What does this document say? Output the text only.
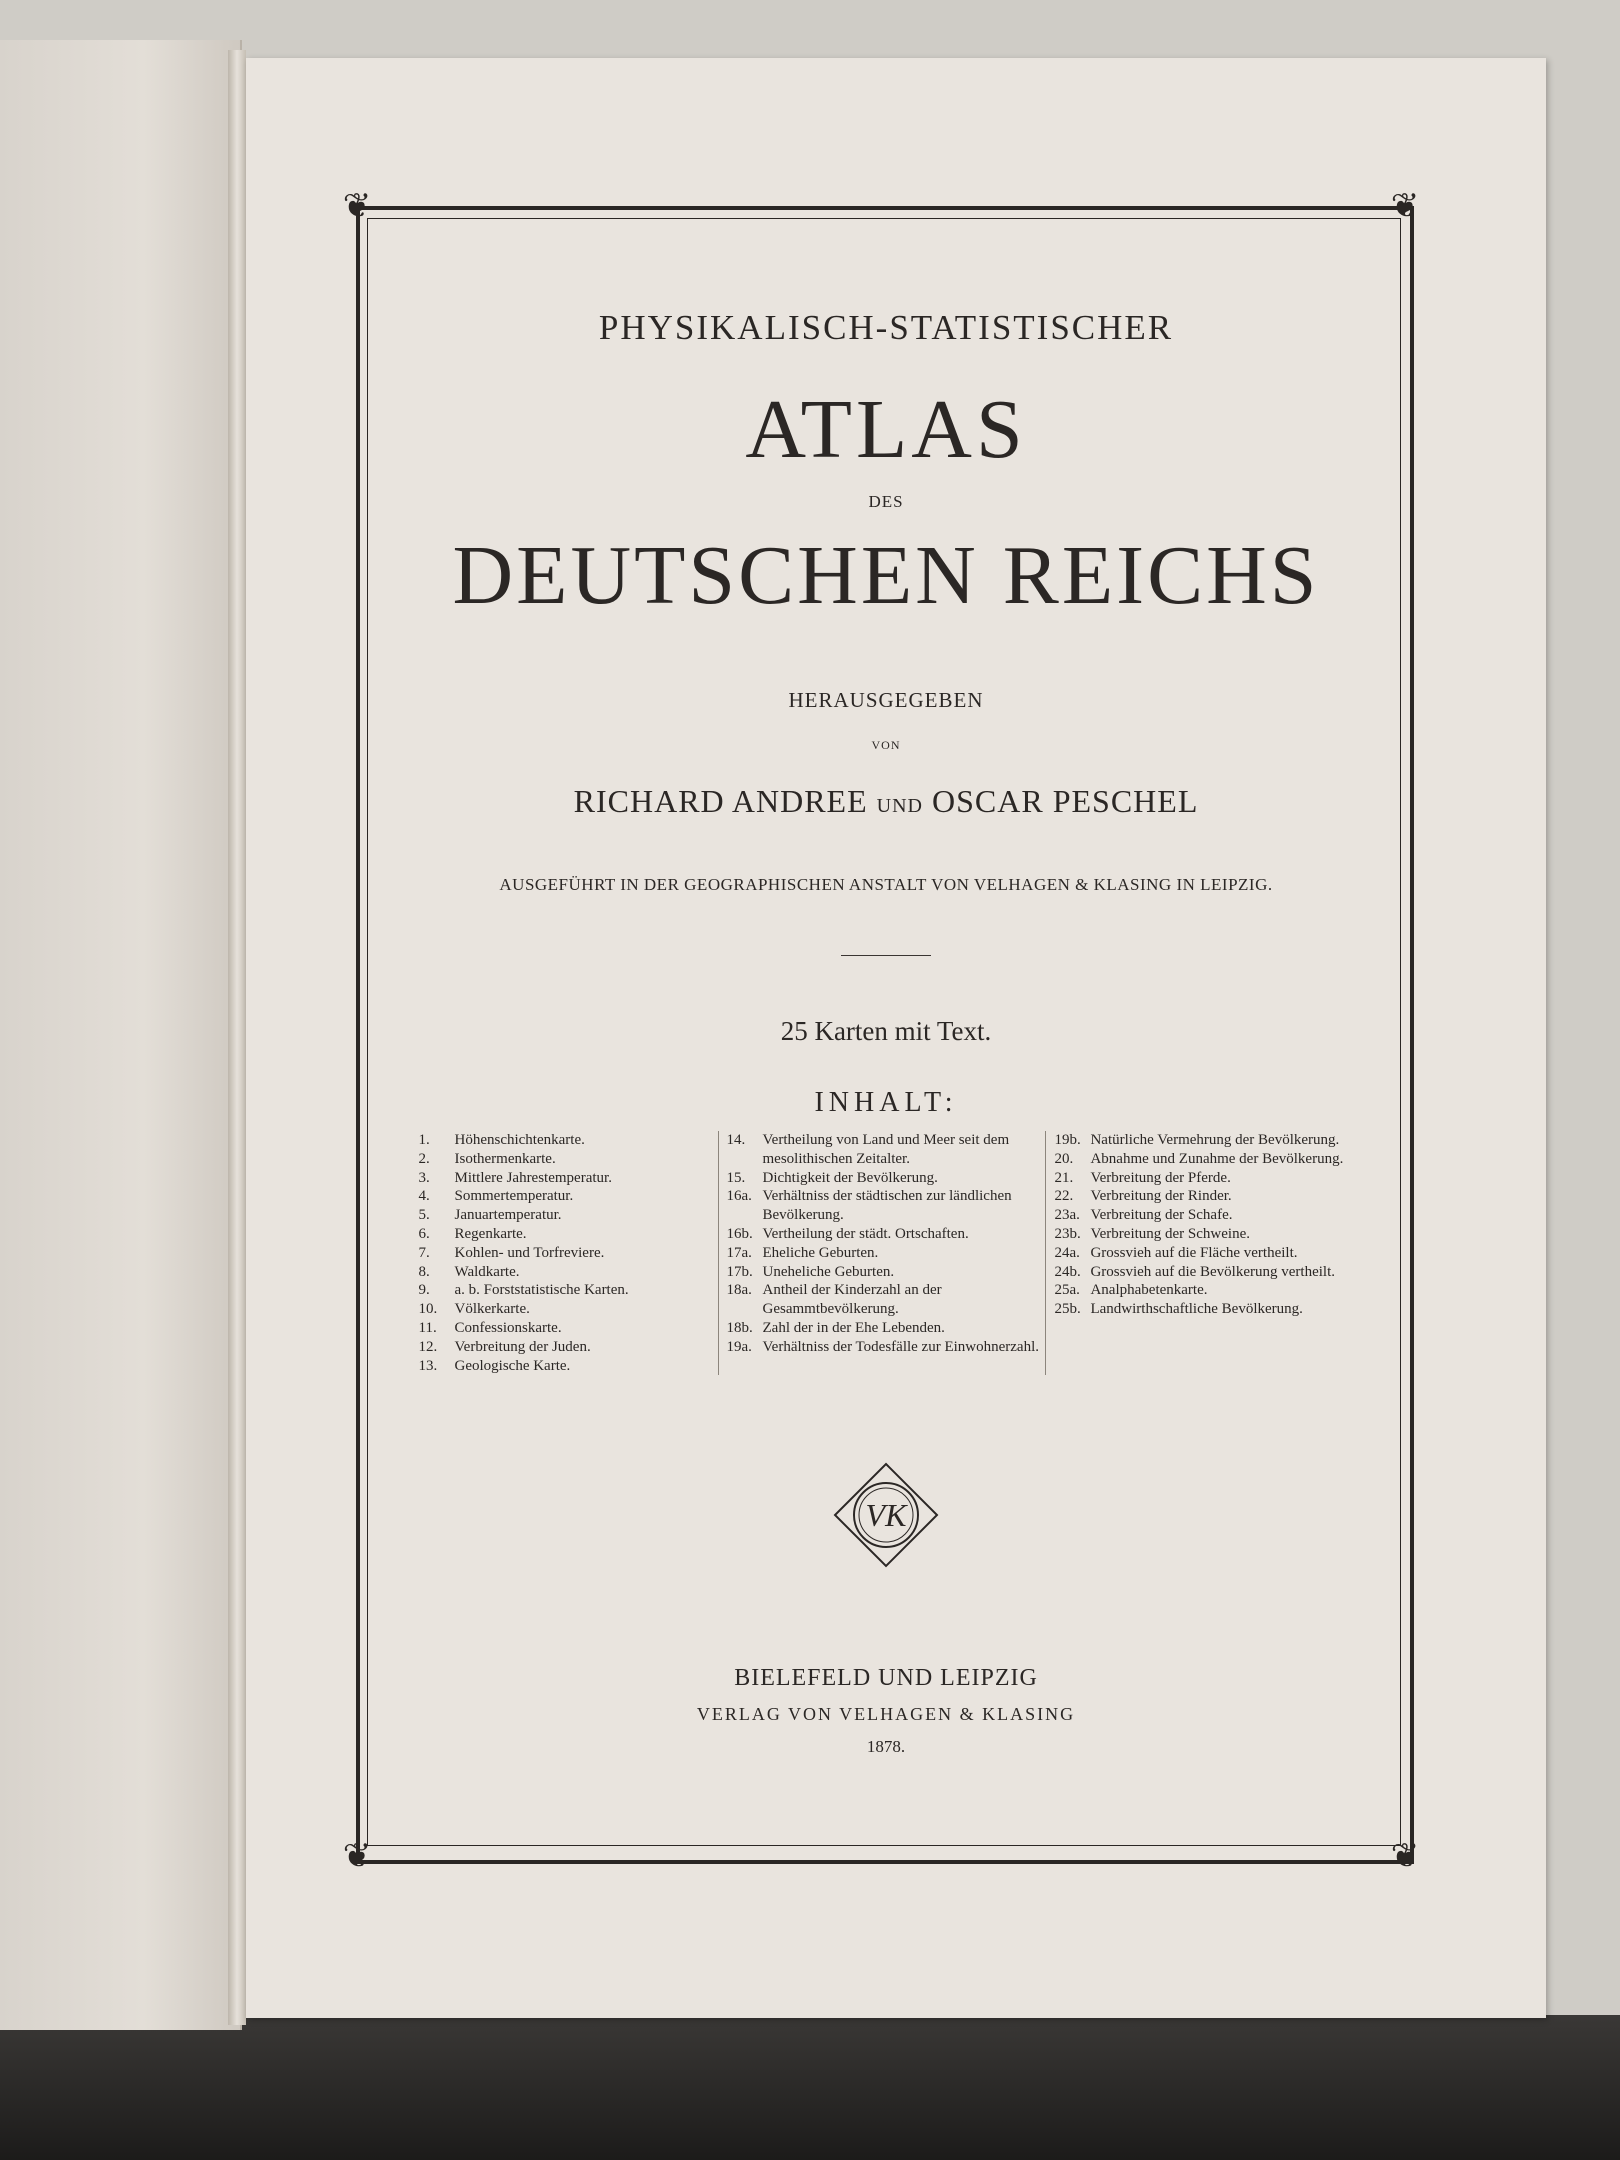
❦	❦
❦	❦

PHYSIKALISCH-STATISTISCHER

ATLAS

DES

DEUTSCHEN REICHS

HERAUSGEGEBEN

VON

RICHARD ANDREE UND OSCAR PESCHEL

AUSGEFÜHRT IN DER GEOGRAPHISCHEN ANSTALT VON VELHAGEN & KLASING IN LEIPZIG.

25 Karten mit Text.

INHALT:

1.	Höhenschichtenkarte.
2.	Isothermenkarte.
3.	Mittlere Jahrestemperatur.
4.	Sommertemperatur.
5.	Januartemperatur.
6.	Regenkarte.
7.	Kohlen- und Torfreviere.
8.	Waldkarte.
9.	a. b. Forststatistische Karten.
10.	Völkerkarte.
11.	Confessionskarte.
12.	Verbreitung der Juden.
13.	Geologische Karte.
14.	Vertheilung von Land und Meer seit dem mesolithischen Zeitalter.
15.	Dichtigkeit der Bevölkerung.
16a. Verhältniss der städtischen zur ländlichen Bevölkerung.
16b. Vertheilung der städt. Ortschaften.
17a. Eheliche Geburten.
17b. Uneheliche Geburten.
18a. Antheil der Kinderzahl an der Gesammtbevölkerung.
18b. Zahl der in der Ehe Lebenden.
19a. Verhältniss der Todesfälle zur Einwohnerzahl.
19b. Natürliche Vermehrung der Bevölkerung.
20.	Abnahme und Zunahme der Bevölkerung.
21.	Verbreitung der Pferde.
22.	Verbreitung der Rinder.
23a. Verbreitung der Schafe.
23b. Verbreitung der Schweine.
24a. Grossvieh auf die Fläche vertheilt.
24b. Grossvieh auf die Bevölkerung vertheilt.
25a. Analphabetenkarte.
25b. Landwirthschaftliche Bevölkerung.
VK

BIELEFELD UND LEIPZIG

VERLAG VON VELHAGEN & KLASING

1878.
